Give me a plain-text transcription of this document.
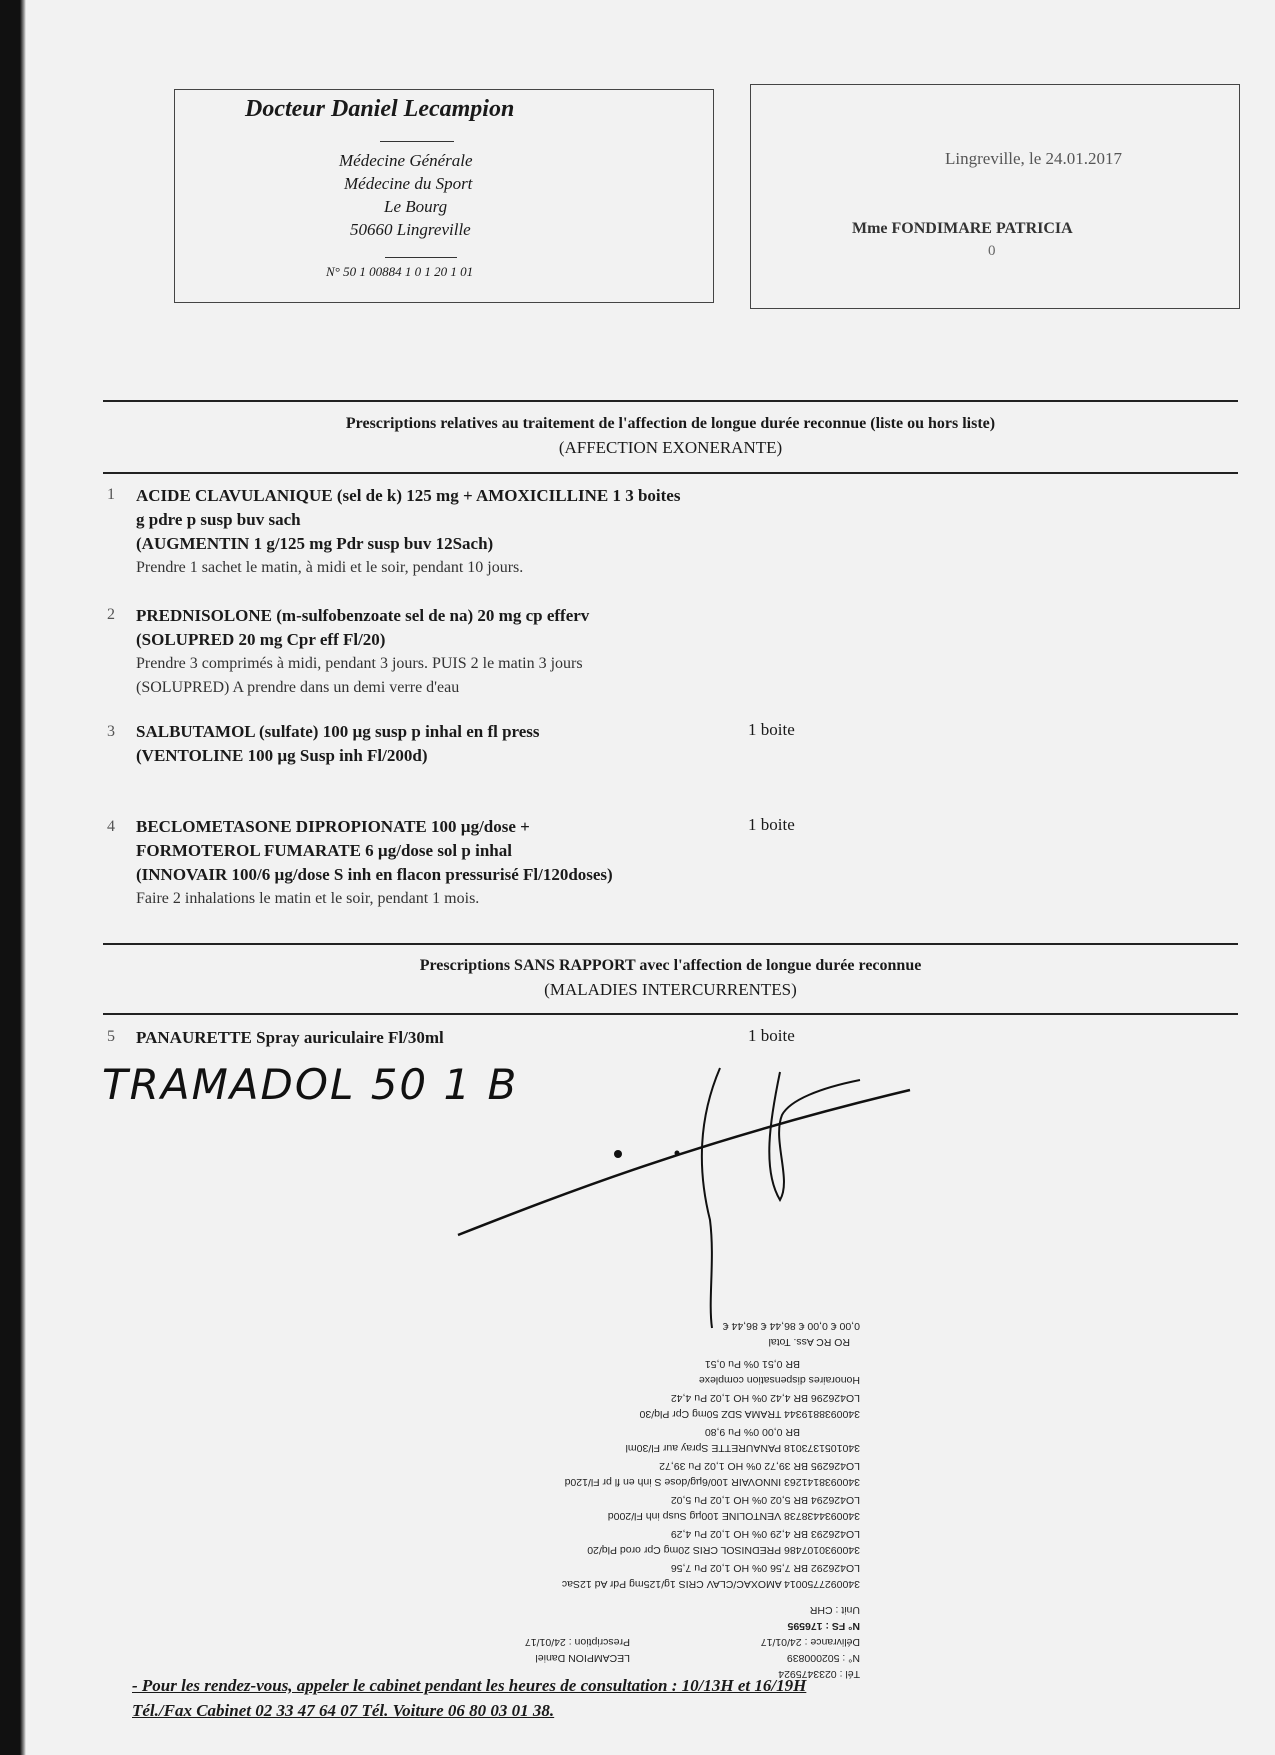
Docteur Daniel Lecampion
Médecine Générale
Médecine du Sport
Le Bourg
50660 Lingreville
N° 50 1 00884 1 0 1 20 1 01
Lingreville, le 24.01.2017
Mme FONDIMARE PATRICIA
0
Prescriptions relatives au traitement de l'affection de longue durée reconnue (liste ou hors liste)
(AFFECTION EXONERANTE)
1 ACIDE CLAVULANIQUE (sel de k) 125 mg + AMOXICILLINE 1 3 boites
g pdre p susp buv sach
(AUGMENTIN 1 g/125 mg Pdr susp buv 12Sach)
Prendre 1 sachet le matin, à midi et le soir, pendant 10 jours.
2 PREDNISOLONE (m-sulfobenzoate sel de na) 20 mg cp efferv
(SOLUPRED 20 mg Cpr eff Fl/20)
Prendre 3 comprimés à midi, pendant 3 jours. PUIS 2 le matin 3 jours
(SOLUPRED) A prendre dans un demi verre d'eau
3 SALBUTAMOL (sulfate) 100 µg susp p inhal en fl press
(VENTOLINE 100 µg Susp inh Fl/200d)
1 boite
4 BECLOMETASONE DIPROPIONATE 100 µg/dose +
FORMOTEROL FUMARATE 6 µg/dose sol p inhal
(INNOVAIR 100/6 µg/dose S inh en flacon pressurisé Fl/120doses)
Faire 2 inhalations le matin et le soir, pendant 1 mois.
1 boite
Prescriptions SANS RAPPORT avec l'affection de longue durée reconnue
(MALADIES INTERCURRENTES)
5 PANAURETTE Spray auriculaire Fl/30ml	1 boite
TRAMADOL 50 1 B
Tél : 0233475924
N° : 502000839
LECAMPION Daniel
Délivrance : 24/01/17
Prescription : 24/01/17
N° FS : 176595
Unit : CHR
3400927750014 AMOXAC/CLAV CRIS 1g/125mg Pdr Ad 12Sac
LO426292 BR 7,56 0% HO 1,02 Pu 7,56
3400930107486 PREDNISOL CRIS 20mg Cpr orod Plq/20
LO426293 BR 4,29 0% HO 1,02 Pu 4,29
3400934438738 VENTOLINE 100µg Susp inh Fl/200d
LO426294 BR 5,02 0% HO 1,02 Pu 5,02
3400938141263 INNOVAIR 100/6µg/dose S inh en fl pr Fl/120d
LO426295 BR 39,72 0% HO 1,02 Pu 39,72
3401051373018 PANAURETTE Spray aur Fl/30ml
BR 0,00 0% Pu 9,80
3400938819344 TRAMA SDZ 50mg Cpr Plq/30
LO426296 BR 4,42 0% HO 1,02 Pu 4,42
Honoraires dispensation complexe
BR 0,51 0% Pu 0,51
RO RC Ass. Total
0,00 € 0,00 € 86,44 € 86,44 €
- Pour les rendez-vous, appeler le cabinet pendant les heures de consultation : 10/13H et 16/19H
Tél./Fax Cabinet 02 33 47 64 07 Tél. Voiture 06 80 03 01 38.
